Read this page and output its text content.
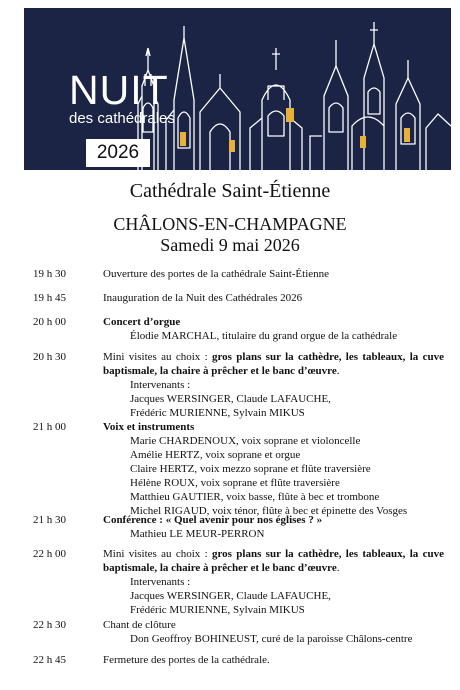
NUIT
des cathédrales
2026
Cathédrale Saint-Étienne
CHÂLONS-EN-CHAMPAGNE
Samedi 9 mai 2026
19 h 30	Ouverture des portes de la cathédrale Saint-Étienne

19 h 45	Inauguration de la Nuit des Cathédrales 2026

20 h 00	Concert d’orgue

Élodie MARCHAL, titulaire du grand orgue de la cathédrale

20 h 30	Mini visites au choix : gros plans sur la cathèdre, les tableaux, la cuve baptismale, la chaire à prêcher et le banc d’œuvre.

Intervenants :

Jacques WERSINGER, Claude LAFAUCHE,

Frédéric MURIENNE, Sylvain MIKUS

21 h 00	Voix et instruments

Marie CHARDENOUX, voix soprane et violoncelle

Amélie HERTZ, voix soprane et orgue

Claire HERTZ, voix mezzo soprane et flûte traversière

Hélène ROUX, voix soprane et flûte traversière

Matthieu GAUTIER, voix basse, flûte à bec et trombone

Michel RIGAUD, voix ténor, flûte à bec et épinette des Vosges

21 h 30	Conférence : « Quel avenir pour nos églises ? »

Mathieu LE MEUR-PERRON

22 h 00	Mini visites au choix : gros plans sur la cathèdre, les tableaux, la cuve baptismale, la chaire à prêcher et le banc d’œuvre.

Intervenants :

Jacques WERSINGER, Claude LAFAUCHE,

Frédéric MURIENNE, Sylvain MIKUS

22 h 30	Chant de clôture

Don Geoffroy BOHINEUST, curé de la paroisse Châlons-centre

22 h 45	Fermeture des portes de la cathédrale.
